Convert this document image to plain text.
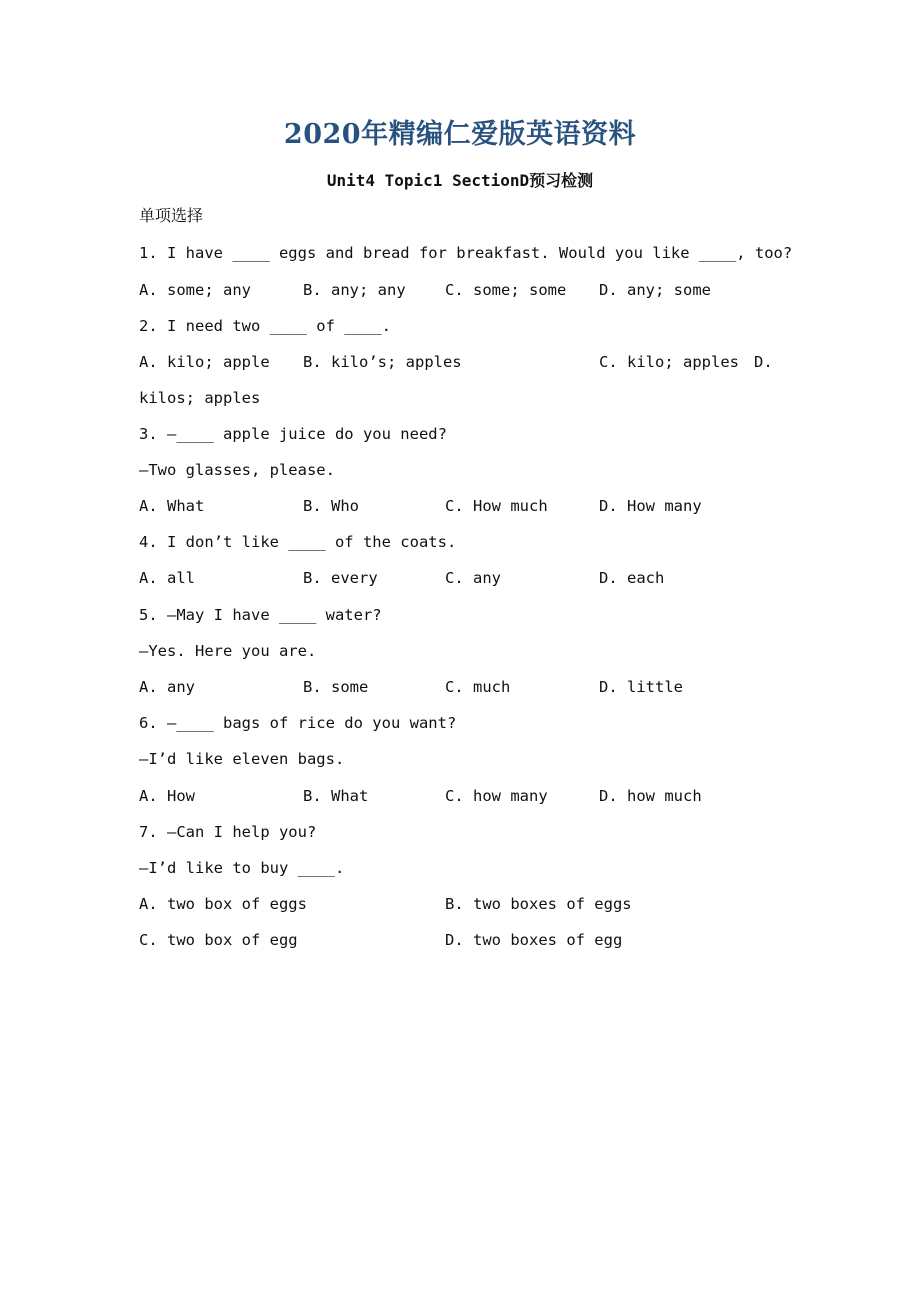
2020年精编仁爱版英语资料
Unit4 Topic1 SectionD预习检测
单项选择
1. I have ____ eggs and bread for breakfast. Would you like ____, too?
A. some; any	B. any; any	C. some; some D. any; some
2. I need two ____ of ____.
A. kilo; apple B. kilo’s; apples	C. kilo; apples D.
kilos; apples
3. —____ apple juice do you need?
—Two glasses, please.
A. What	B. Who	C. How much	D. How many
4. I don’t like ____ of the coats.
A. all	B. every	C. any	D. each
5. —May I have ____ water?
—Yes. Here you are.
A. any	B. some	C. much	D. little
6. —____ bags of rice do you want?
—I’d like eleven bags.
A. How	B. What	C. how many	D. how much
7. —Can I help you?
—I’d like to buy ____.
A. two box of eggs	B. two boxes of eggs
C. two box of egg	D. two boxes of egg
